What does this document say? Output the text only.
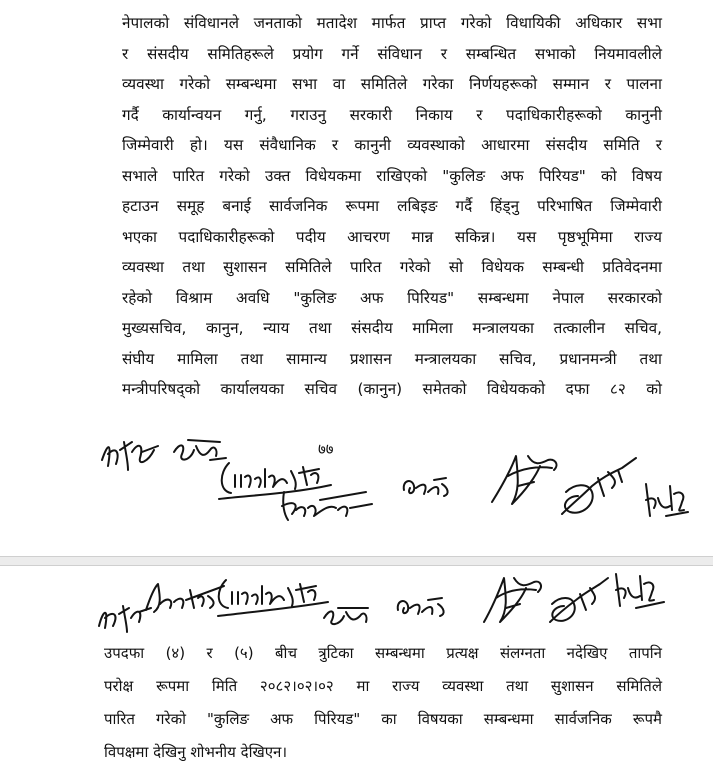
नेपालको संविधानले जनताको मतादेश मार्फत प्राप्त गरेको विधायिकी अधिकार सभा
र संसदीय समितिहरूले प्रयोग गर्ने संविधान र सम्बन्धित सभाको नियमावलीले
व्यवस्था गरेको सम्बन्धमा सभा वा समितिले गरेका निर्णयहरूको सम्मान र पालना
गर्दै कार्यान्वयन गर्नु, गराउनु सरकारी निकाय र पदाधिकारीहरूको कानुनी
जिम्मेवारी हो। यस संवैधानिक र कानुनी व्यवस्थाको आधारमा संसदीय समिति र
सभाले पारित गरेको उक्त विधेयकमा राखिएको "कुलिङ अफ पिरियड" को विषय
हटाउन समूह बनाई सार्वजनिक रूपमा लबिइङ गर्दै हिंड्नु परिभाषित जिम्मेवारी
भएका पदाधिकारीहरूको पदीय आचरण मान्न सकिन्न। यस पृष्ठभूमिमा राज्य
व्यवस्था तथा सुशासन समितिले पारित गरेको सो विधेयक सम्बन्धी प्रतिवेदनमा
रहेको विश्राम अवधि "कुलिङ अफ पिरियड" सम्बन्धमा नेपाल सरकारको
मुख्यसचिव, कानुन, न्याय तथा संसदीय मामिला मन्त्रालयका तत्कालीन सचिव,
संघीय मामिला तथा सामान्य प्रशासन मन्त्रालयका सचिव, प्रधानमन्त्री तथा
मन्त्रीपरिषद्को कार्यालयका सचिव (कानुन) समेतको विधेयकको दफा ८२ को
७७
उपदफा (४) र (५) बीच त्रुटिका सम्बन्धमा प्रत्यक्ष संलग्नता नदेखिए तापनि
परोक्ष रूपमा मिति २०८२।०२।०२ मा राज्य व्यवस्था तथा सुशासन समितिले
पारित गरेको "कुलिङ अफ पिरियड" का विषयका सम्बन्धमा सार्वजनिक रूपमै
विपक्षमा देखिनु शोभनीय देखिएन।
